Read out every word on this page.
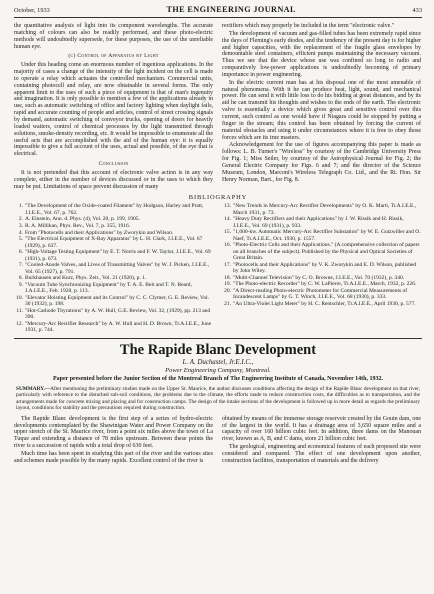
October, 1933	THE ENGINEERING JOURNAL	433

the quantitative analysis of light into its component wavelengths. The accurate matching of colours can also be readily performed, and these photo-electric methods will undoubtedly supersede, for these purposes, the use of the unreliable human eye.

(c) Control of Apparatus by Light

Under this heading come an enormous number of ingenious applications. In the majority of cases a change of the intensity of the light incident on the cell is made to operate a relay which actuates the controlled mechanism. Commercial units, containing photocell and relay, are now obtainable in several forms. The only apparent limit to the uses of such a piece of equipment is that of man's ingenuity and imagination. It is only possible to mention a few of the applications already in use, such as automatic switching of office and factory lighting when daylight fails, rapid and accurate counting of people and articles, control of street crossing signals by demand, automatic switching of conveyor trucks, opening of doors for heavily loaded waiters, control of chemical processes by the light transmitted through solutions, smoke-density recording, etc. It would be impossible to enumerate all the useful acts that are accomplished with the aid of the human eye: it is equally impossible to give a full account of the uses, actual and possible, of the eye that is electrical.

Conclusion

It is not pretended that this account of electronic valve action is in any way complete, either in the number of devices discussed or in the uses to which they may be put. Limitations of space prevent discussion of many

rectifiers which may properly be included in the term "electronic valve."

The development of vacuum and gas-filled tubes has been extremely rapid since the days of Fleming's early diodes, and the tendency of the present day is for higher and higher capacities, with the replacement of the fragile glass envelopes by demountable steel containers, efficient pumps maintaining the necessary vacuum. Thus we see that the device whose use was confined so long to radio and comparatively low-power applications is undoubtedly becoming of primary importance in power engineering.

In the electric current man has at his disposal one of the most amenable of natural phenomena. With it he can produce heat, light, sound, and mechanical power. He can send it with little loss to do his bidding at great distances, and by its aid he can transmit his thoughts and wishes to the ends of the earth. The electronic valve is essentially a device which gives great and sensitive control over this current, such control as one would have if Niagara could be stopped by putting a finger in the stream; this control has been obtained by forcing the current of material obstacles and using it under circumstances where it is free to obey those forces which are its true masters.

Acknowledgement for the use of figures accompanying this paper is made as follows: L. B. Turner's "Wireless" by courtesy of the Cambridge University Press for Fig. 1; Miss Seiler, by courtesy of the Astrophysical Journal for Fig. 2; the General Electric Company for Figs. 6 and 7; and the director of the Science Museum, London, Marconi's Wireless Telegraph Co. Ltd., and the Rt. Hon. Sir Henry Norman, Bart., for Fig. 8.

BIBLIOGRAPHY
1. "The Development of the Oxide-coated Filament" by Hodgson, Harley and Pratt, J.I.E.E., Vol. 67, p. 762.
2. A. Einstein, Ann. d. Phys. (4), Vol. 20, p. 199, 1905.
3. R. A. Millikan, Phys. Rev., Vol. 7, p. 355, 1916.
4. From "Photocells and their Applications" by Zworykin and Wilson.
5. "The Electrical Equipment of X-Ray Apparatus" by L. H. Clark, J.I.E.E., Vol. 67 (1929), p. 637.
6. "High-Voltage Testing Equipment" by E. T. Norris and F. W. Taylor, J.I.E.E., Vol. 69 (1931), p. 673.
7. "Cooled-Anode Valves, and Lives of Transmitting Valves" by W. J. Picken, J.I.E.E., Vol. 65 (1927), p. 791.
8. Burkhausen and Kurz, Phys. Zeit., Vol. 21 (1920), p. 1.
9. "Vacuum Tube Synchronizing Equipment" by T. A. E. Belt and T. N. Beard, J.A.I.E.E., Feb. 1928, p. 113.
10. "Elevator Hoisting Equipment and its Control" by C. C. Clymer, G. E. Review, Vol. 30 (1932), p. 198.
11. "Hot-Cathode Thyratrons" by A. W. Hull, G.E. Review, Vol. 32, (1929), pp. 213 and 390.
12. "Mercury-Arc Rectifier Research" by A. W. Hull and H. D. Brown, Tr.A.I.E.E., June 1931, p. 744.
13. "New Trends in Mercury-Arc Rectifier Developments" by O. K. Marti, Tr.A.I.E.E., March 1931, p. 73.
14. "Heavy Duty Rectifiers and their Applications" by J. W. Rissik and H. Rissik, J.I.E.E., Vol. 69 (1931), p. 933.
15. "1,000-kw. Automatic Mercury-Arc Rectifier Substation" by W. E. Gutzwiller and O. Naef, Tr.A.I.E.E., Oct. 1930, p. 1557.
16. "Photo-Electric Cells and their Applications." (A comprehensive collection of papers on all branches of the subject). Published by the Physical and Optical Societies of Great Britain.
17. "Photocells and their Applications" by V. K. Zworykin and E. D. Wilson, published by John Wiley.
18. "Multi-Channel Television" by C. O. Browne, J.I.E.E., Vol. 70 (1932), p. 340.
19. "The Photo-electric Recorder" by C. W. LaPierre, Tr.A.I.E.E., March, 1932, p. 226.
20. "A Direct-reading Photo-electric Photometer for Commercial Measurements of Incandescent Lamps" by G. T. Winch, J.I.E.E., Vol. 68 (1930), p. 333.
21. "An Ultra-Violet Light Meter" by H. C. Rentschler, Tr.A.I.E.E., April 1930, p. 577.
The Rapide Blanc Development
L. A. Duchastel, Jr.E.I.C.,
Power Engineering Company, Montreal.
Paper presented before the Junior Section of the Montreal Branch of The Engineering Institute of Canada, November 14th, 1932.
SUMMARY.—After mentioning the preliminary studies made on the Upper St. Maurice, the author discusses conditions affecting the design of the Rapide Blanc development on that river, particularly with reference to the disturbed sub-soil conditions, the problems due to the climate, the efforts made to reduce construction costs, the difficulties as to transportation, and the arrangements made for concrete mixing and placing and for construction camps. The design of the intake sections of the development is followed up in more detail as regards the preliminary layout, conditions for stability and the precautions required during construction.

The Rapide Blanc development is the first step of a series of hydro-electric developments contemplated by the Shawinigan Water and Power Company on the upper stretch of the St. Maurice river, from a point six miles above the town of La Tuque and extending a distance of 78 miles upstream. Between these points the river is a succession of rapids with a total drop of 630 feet.

Much time has been spent in studying this part of the river and the various sites and schemes made possible by the many rapids. Excellent control of the river is

obtained by means of the immense storage reservoir created by the Gouin dam, one of the largest in the world. It has a drainage area of 3,650 square miles and a capacity of over 160 billion cubic feet. In addition, three dams on the Manouan river, known as A, B, and C dams, store 21 billion cubic feet.

The geological, engineering and economical features of each proposed site were considered and compared. The effect of one development upon another, construction facilities, transportation of materials and the delivery
